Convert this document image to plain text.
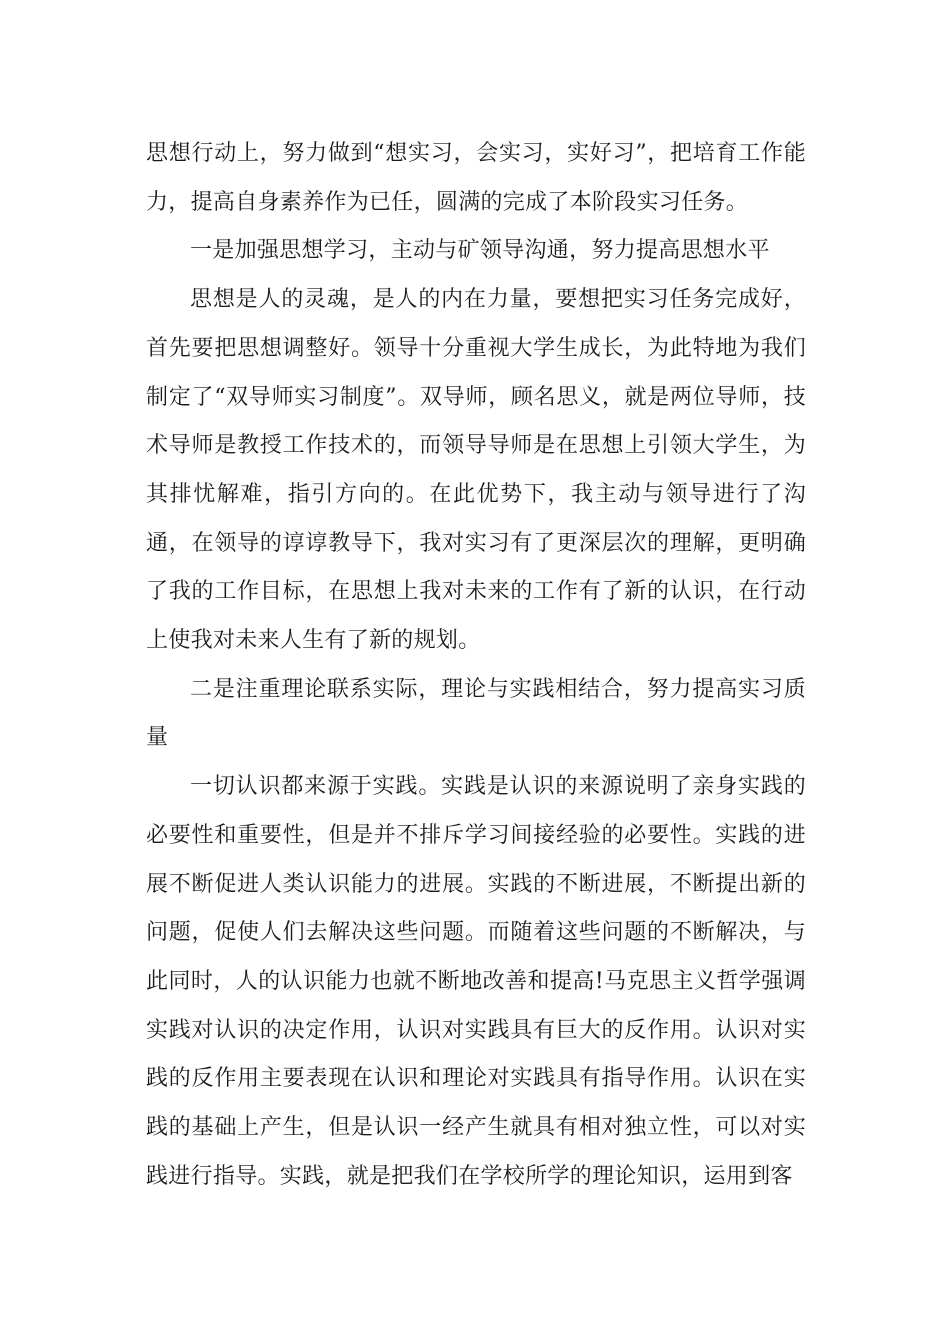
思想行动上，努力做到“想实习，会实习，实好习”，把培育工作能力，提高自身素养作为已任，圆满的完成了本阶段实习任务。

一是加强思想学习，主动与矿领导沟通，努力提高思想水平

思想是人的灵魂，是人的内在力量，要想把实习任务完成好，首先要把思想调整好。领导十分重视大学生成长，为此特地为我们制定了“双导师实习制度”。双导师，顾名思义，就是两位导师，技术导师是教授工作技术的，而领导导师是在思想上引领大学生，为其排忧解难，指引方向的。在此优势下，我主动与领导进行了沟通，在领导的谆谆教导下，我对实习有了更深层次的理解，更明确了我的工作目标，在思想上我对未来的工作有了新的认识，在行动上使我对未来人生有了新的规划。

二是注重理论联系实际，理论与实践相结合，努力提高实习质量

一切认识都来源于实践。实践是认识的来源说明了亲身实践的必要性和重要性，但是并不排斥学习间接经验的必要性。实践的进展不断促进人类认识能力的进展。实践的不断进展，不断提出新的问题，促使人们去解决这些问题。而随着这些问题的不断解决，与此同时，人的认识能力也就不断地改善和提高!马克思主义哲学强调实践对认识的决定作用，认识对实践具有巨大的反作用。认识对实践的反作用主要表现在认识和理论对实践具有指导作用。认识在实践的基础上产生，但是认识一经产生就具有相对独立性，可以对实践进行指导。实践，就是把我们在学校所学的理论知识，运用到客
